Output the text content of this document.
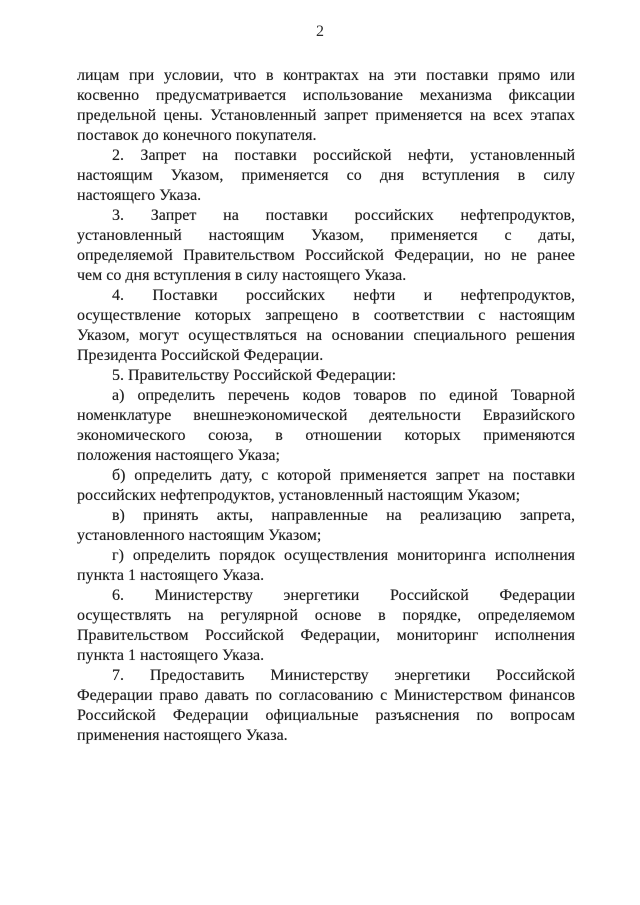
2
лицам при условии, что в контрактах на эти поставки прямо или
косвенно предусматривается использование механизма фиксации
предельной цены. Установленный запрет применяется на всех этапах
поставок до конечного покупателя.
2. Запрет на поставки российской нефти, установленный
настоящим Указом, применяется со дня вступления в силу
настоящего Указа.
3. Запрет на поставки российских нефтепродуктов,
установленный настоящим Указом, применяется с даты,
определяемой Правительством Российской Федерации, но не ранее
чем со дня вступления в силу настоящего Указа.
4. Поставки российских нефти и нефтепродуктов,
осуществление которых запрещено в соответствии с настоящим
Указом, могут осуществляться на основании специального решения
Президента Российской Федерации.
5. Правительству Российской Федерации:
а) определить перечень кодов товаров по единой Товарной
номенклатуре внешнеэкономической деятельности Евразийского
экономического союза, в отношении которых применяются
положения настоящего Указа;
б) определить дату, с которой применяется запрет на поставки
российских нефтепродуктов, установленный настоящим Указом;
в) принять акты, направленные на реализацию запрета,
установленного настоящим Указом;
г) определить порядок осуществления мониторинга исполнения
пункта 1 настоящего Указа.
6. Министерству энергетики Российской Федерации
осуществлять на регулярной основе в порядке, определяемом
Правительством Российской Федерации, мониторинг исполнения
пункта 1 настоящего Указа.
7. Предоставить Министерству энергетики Российской
Федерации право давать по согласованию с Министерством финансов
Российской Федерации официальные разъяснения по вопросам
применения настоящего Указа.
